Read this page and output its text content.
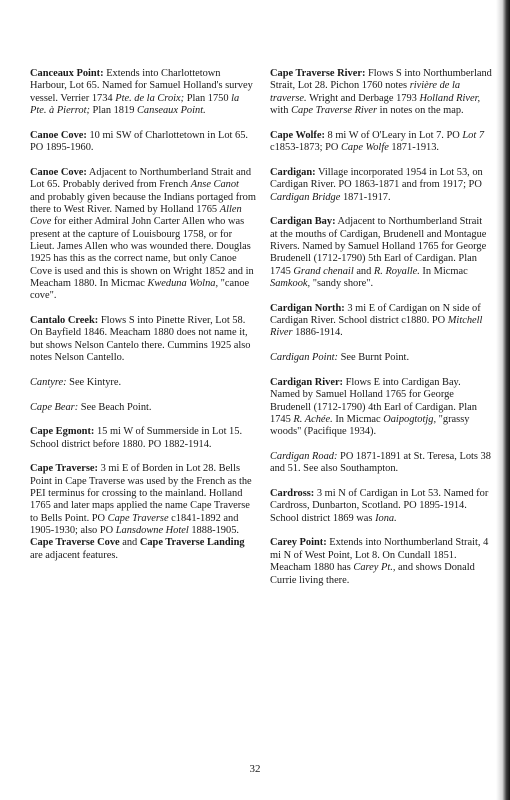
Canceaux Point: Extends into Charlottetown Harbour, Lot 65. Named for Samuel Holland's survey vessel. Verrier 1734 Pte. de la Croix; Plan 1750 la Pte. à Pierrot; Plan 1819 Canseaux Point.

Canoe Cove: 10 mi SW of Charlottetown in Lot 65. PO 1895-1960.

Canoe Cove: Adjacent to Northumberland Strait and Lot 65. Probably derived from French Anse Canot and probably given because the Indians portaged from there to West River. Named by Holland 1765 Allen Cove for either Admiral John Carter Allen who was present at the capture of Louisbourg 1758, or for Lieut. James Allen who was wounded there. Douglas 1925 has this as the correct name, but only Canoe Cove is used and this is shown on Wright 1852 and in Meacham 1880. In Micmac Kweduna Wolna, "canoe cove".

Cantalo Creek: Flows S into Pinette River, Lot 58. On Bayfield 1846. Meacham 1880 does not name it, but shows Nelson Cantelo there. Cummins 1925 also notes Nelson Cantello.

Cantyre: See Kintyre.

Cape Bear: See Beach Point.

Cape Egmont: 15 mi W of Summerside in Lot 15. School district before 1880. PO 1882-1914.

Cape Traverse: 3 mi E of Borden in Lot 28. Bells Point in Cape Traverse was used by the French as the PEI terminus for crossing to the mainland. Holland 1765 and later maps applied the name Cape Traverse to Bells Point. PO Cape Traverse c1841-1892 and 1905-1930; also PO Lansdowne Hotel 1888-1905. Cape Traverse Cove and Cape Traverse Landing are adjacent features.

Cape Traverse River: Flows S into Northumberland Strait, Lot 28. Pichon 1760 notes rivière de la traverse. Wright and Derbage 1793 Holland River, with Cape Traverse River in notes on the map.

Cape Wolfe: 8 mi W of O'Leary in Lot 7. PO Lot 7 c1853-1873; PO Cape Wolfe 1871-1913.

Cardigan: Village incorporated 1954 in Lot 53, on Cardigan River. PO 1863-1871 and from 1917; PO Cardigan Bridge 1871-1917.

Cardigan Bay: Adjacent to Northumberland Strait at the mouths of Cardigan, Brudenell and Montague Rivers. Named by Samuel Holland 1765 for George Brudenell (1712-1790) 5th Earl of Cardigan. Plan 1745 Grand chenail and R. Royalle. In Micmac Samkook, "sandy shore".

Cardigan North: 3 mi E of Cardigan on N side of Cardigan River. School district c1880. PO Mitchell River 1886-1914.

Cardigan Point: See Burnt Point.

Cardigan River: Flows E into Cardigan Bay. Named by Samuel Holland 1765 for George Brudenell (1712-1790) 4th Earl of Cardigan. Plan 1745 R. Achée. In Micmac Oaipogtotjg, "grassy woods" (Pacifique 1934).

Cardigan Road: PO 1871-1891 at St. Teresa, Lots 38 and 51. See also Southampton.

Cardross: 3 mi N of Cardigan in Lot 53. Named for Cardross, Dunbarton, Scotland. PO 1895-1914. School district 1869 was Iona.

Carey Point: Extends into Northumberland Strait, 4 mi N of West Point, Lot 8. On Cundall 1851. Meacham 1880 has Carey Pt., and shows Donald Currie living there.

32
